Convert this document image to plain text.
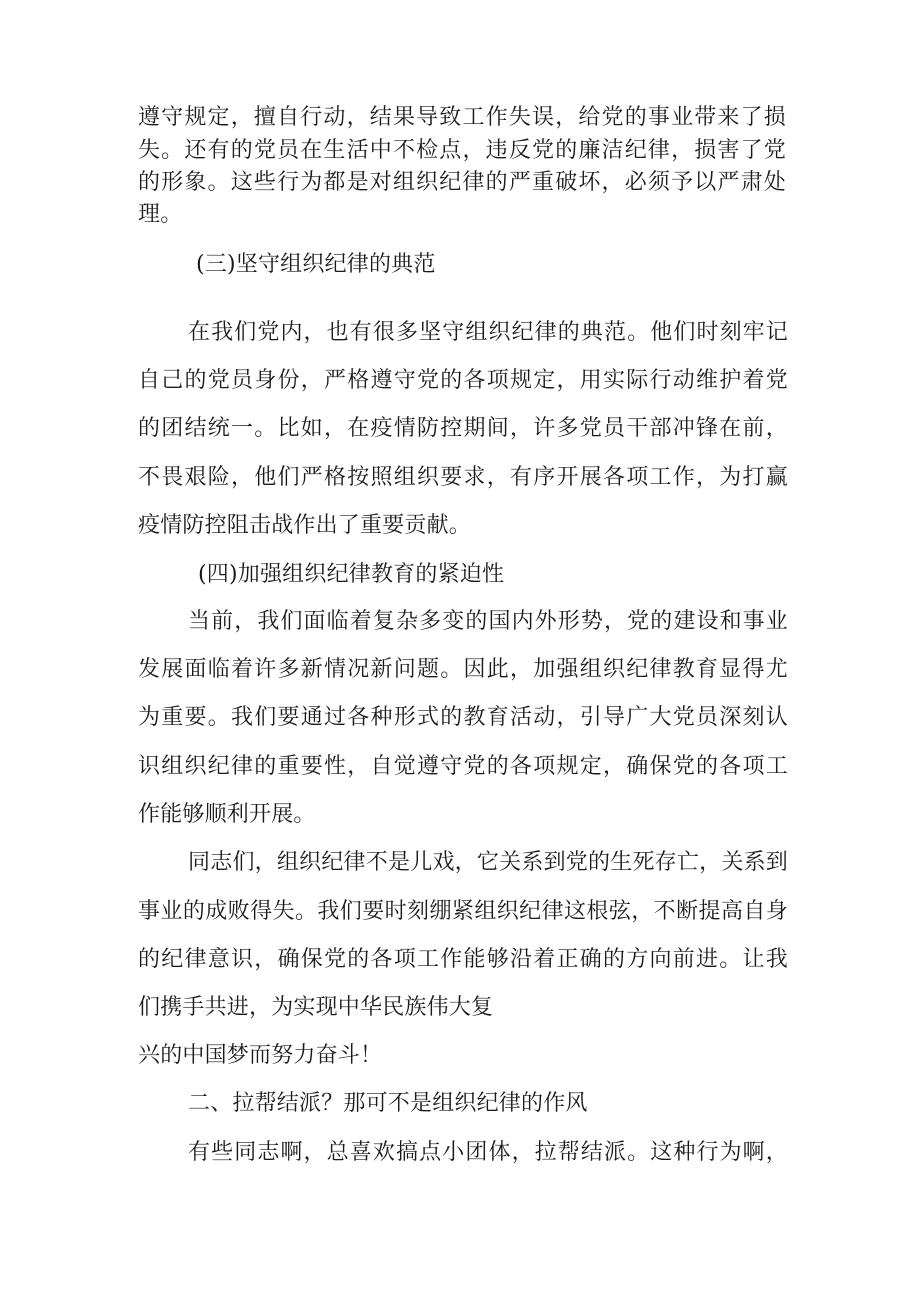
遵守规定，擅自行动，结果导致工作失误，给党的事业带来了损
失。还有的党员在生活中不检点，违反党的廉洁纪律，损害了党
的形象。这些行为都是对组织纪律的严重破坏，必须予以严肃处
理。
(三)坚守组织纪律的典范
在我们党内，也有很多坚守组织纪律的典范。他们时刻牢记
自己的党员身份，严格遵守党的各项规定，用实际行动维护着党
的团结统一。比如，在疫情防控期间，许多党员干部冲锋在前，
不畏艰险，他们严格按照组织要求，有序开展各项工作，为打赢
疫情防控阻击战作出了重要贡献。
(四)加强组织纪律教育的紧迫性
当前，我们面临着复杂多变的国内外形势，党的建设和事业
发展面临着许多新情况新问题。因此，加强组织纪律教育显得尤
为重要。我们要通过各种形式的教育活动，引导广大党员深刻认
识组织纪律的重要性，自觉遵守党的各项规定，确保党的各项工
作能够顺利开展。
同志们，组织纪律不是儿戏，它关系到党的生死存亡，关系到
事业的成败得失。我们要时刻绷紧组织纪律这根弦，不断提高自身
的纪律意识，确保党的各项工作能够沿着正确的方向前进。让我
们携手共进，为实现中华民族伟大复
兴的中国梦而努力奋斗！
二、拉帮结派？那可不是组织纪律的作风
有些同志啊，总喜欢搞点小团体，拉帮结派。这种行为啊，
